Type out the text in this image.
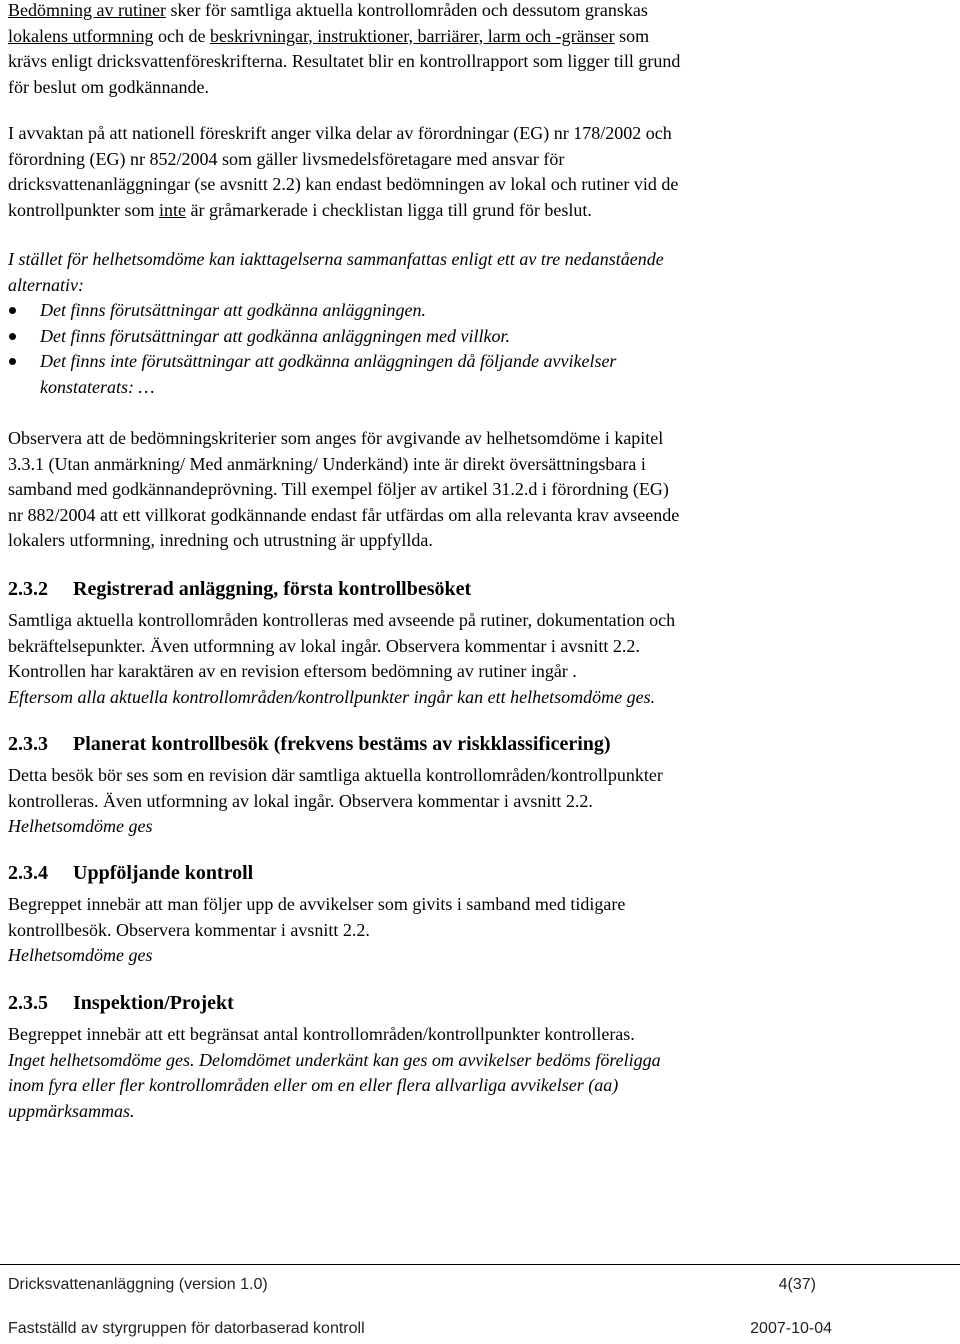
Bedömning av rutiner sker för samtliga aktuella kontrollområden och dessutom granskas

lokalens utformning och de beskrivningar, instruktioner, barriärer, larm och -gränser som

krävs enligt dricksvattenföreskrifterna. Resultatet blir en kontrollrapport som ligger till grund

för beslut om godkännande.

I avvaktan på att nationell föreskrift anger vilka delar av förordningar (EG) nr 178/2002 och

förordning (EG) nr 852/2004 som gäller livsmedelsföretagare med ansvar för

dricksvattenanläggningar (se avsnitt 2.2) kan endast bedömningen av lokal och rutiner vid de

kontrollpunkter som inte är gråmarkerade i checklistan ligga till grund för beslut.

I stället för helhetsomdöme kan iakttagelserna sammanfattas enligt ett av tre nedanstående

alternativ:

Det finns förutsättningar att godkänna anläggningen.
Det finns förutsättningar att godkänna anläggningen med villkor.
Det finns inte förutsättningar att godkänna anläggningen då följande avvikelser
konstaterats: …

Observera att de bedömningskriterier som anges för avgivande av helhetsomdöme i kapitel

3.3.1 (Utan anmärkning/ Med anmärkning/ Underkänd) inte är direkt översättningsbara i

samband med godkännandeprövning. Till exempel följer av artikel 31.2.d i förordning (EG)

nr 882/2004 att ett villkorat godkännande endast får utfärdas om alla relevanta krav avseende

lokalers utformning, inredning och utrustning är uppfyllda.

2.3.2 Registrerad anläggning, första kontrollbesöket

Samtliga aktuella kontrollområden kontrolleras med avseende på rutiner, dokumentation och

bekräftelsepunkter. Även utformning av lokal ingår. Observera kommentar i avsnitt 2.2.

Kontrollen har karaktären av en revision eftersom bedömning av rutiner ingår .

Eftersom alla aktuella kontrollområden/kontrollpunkter ingår kan ett helhetsomdöme ges.

2.3.3 Planerat kontrollbesök (frekvens bestäms av riskklassificering)

Detta besök bör ses som en revision där samtliga aktuella kontrollområden/kontrollpunkter

kontrolleras. Även utformning av lokal ingår. Observera kommentar i avsnitt 2.2.

Helhetsomdöme ges

2.3.4 Uppföljande kontroll

Begreppet innebär att man följer upp de avvikelser som givits i samband med tidigare

kontrollbesök. Observera kommentar i avsnitt 2.2.

Helhetsomdöme ges

2.3.5 Inspektion/Projekt

Begreppet innebär att ett begränsat antal kontrollområden/kontrollpunkter kontrolleras.

Inget helhetsomdöme ges. Delomdömet underkänt kan ges om avvikelser bedöms föreligga

inom fyra eller fler kontrollområden eller om en eller flera allvarliga avvikelser (aa)

uppmärksammas.

Dricksvattenanläggning (version 1.0)	4(37)
Fastställd av styrgruppen för datorbaserad kontroll	2007-10-04
